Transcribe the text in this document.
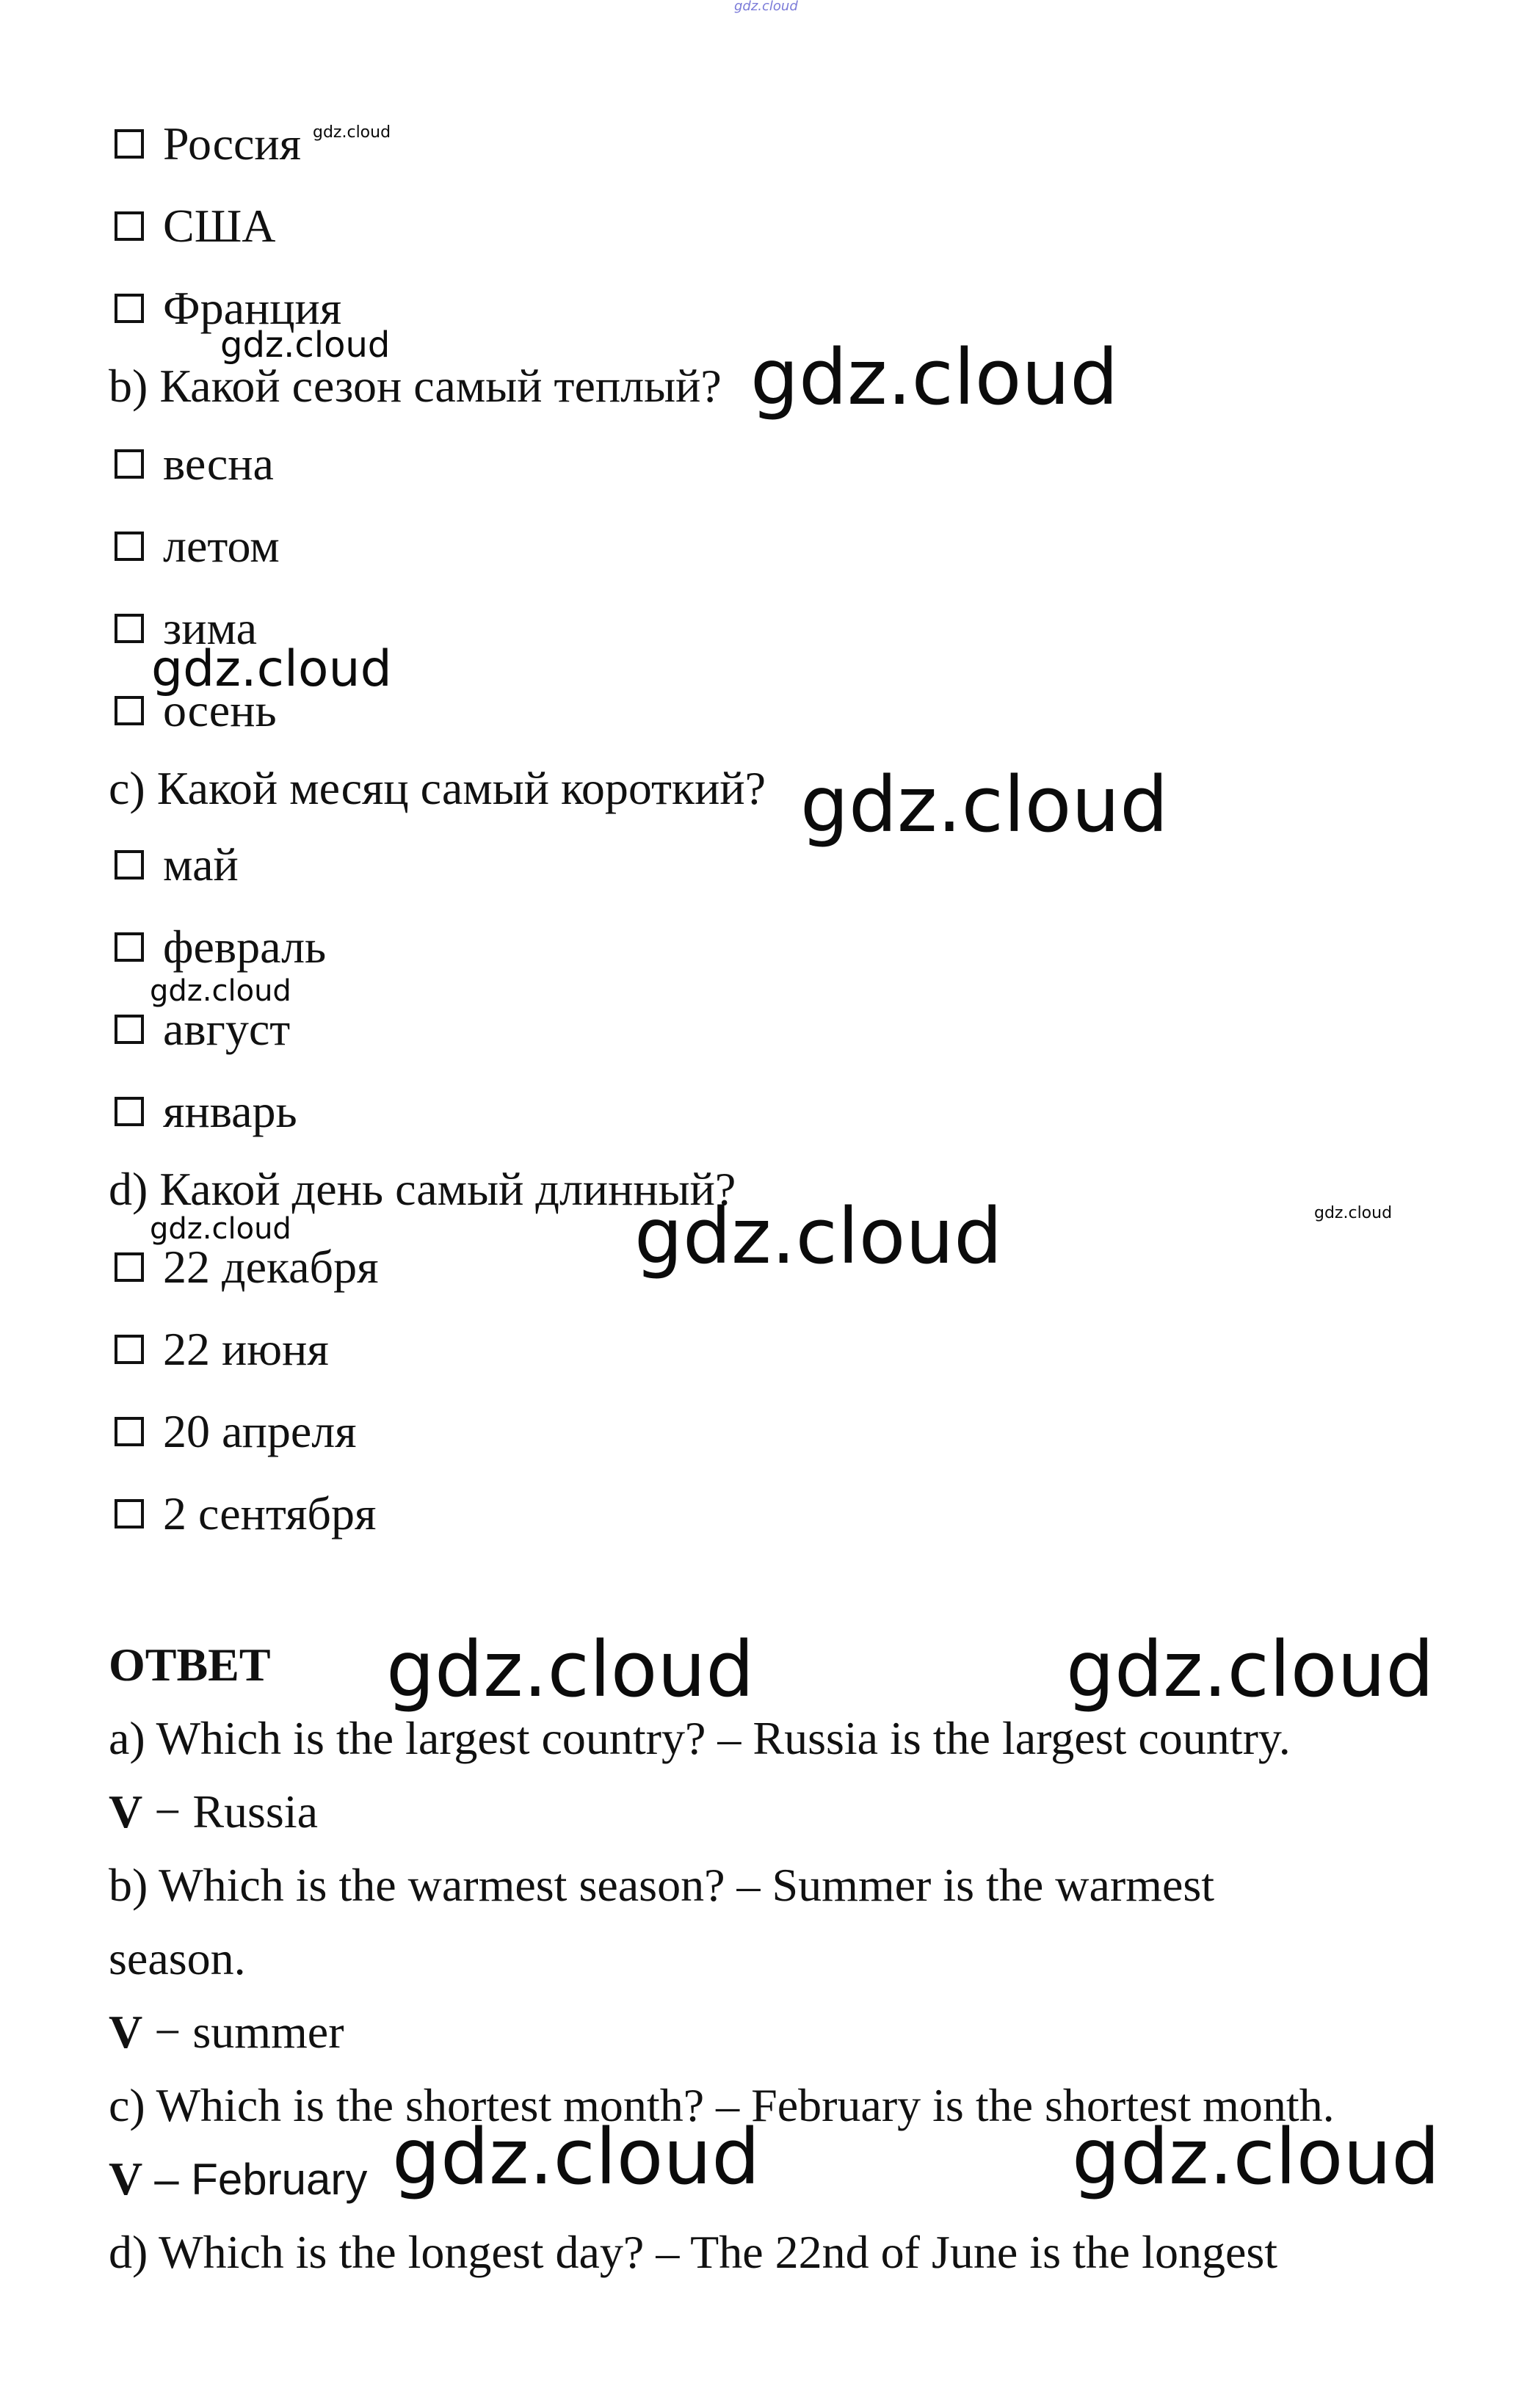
gdz.cloud
Россия gdz.cloud
США
Франция
gdz.cloud
b) Какой сезон самый теплый? gdz.cloud
весна
летом
зима
gdz.cloud
осень
c) Какой месяц самый короткий? gdz.cloud
май
февраль
gdz.cloud
август
январь
d) Какой день самый длинный?	gdz.cloud
gdz.cloud	gdz.cloud
22 декабря
22 июня
20 апреля
2 сентября
ОТВЕТ gdz.cloud	gdz.cloud
a) Which is the largest country? – Russia is the largest country.
V − Russia
b) Which is the warmest season? – Summer is the warmest
season.
V − summer
c) Which is the shortest month? – February is the shortest month.
V – February gdz.cloud	gdz.cloud
d) Which is the longest day? – The 22nd of June is the longest
